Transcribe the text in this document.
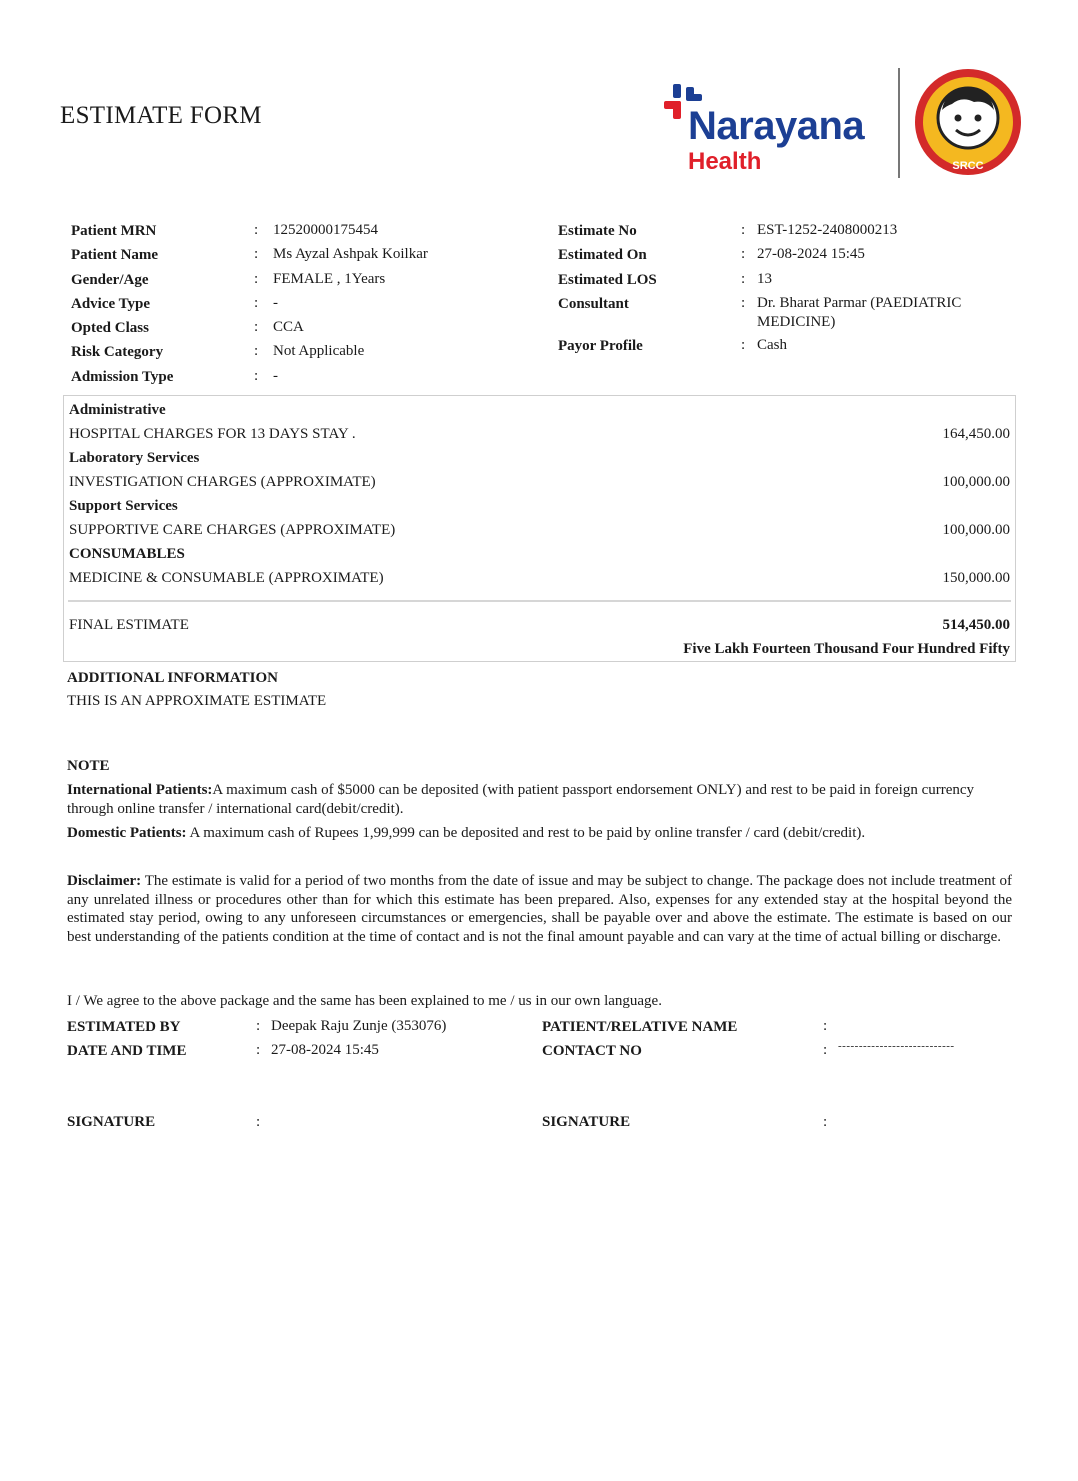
ESTIMATE FORM	Narayana
Health	SRCC
Patient MRN	: 12520000175454
Patient Name	: Ms Ayzal Ashpak Koilkar
Gender/Age	: FEMALE , 1Years
Advice Type	: -
Opted Class	: CCA
Risk Category	: Not Applicable
Admission Type	: -
Estimate No	: EST-1252-2408000213
Estimated On	: 27-08-2024 15:45
Estimated LOS	: 13
Consultant	: Dr. Bharat Parmar (PAEDIATRIC
MEDICINE)
Payor Profile	: Cash
Administrative
HOSPITAL CHARGES FOR 13 DAYS STAY .	164,450.00
Laboratory Services
INVESTIGATION CHARGES (APPROXIMATE)	100,000.00
Support Services
SUPPORTIVE CARE CHARGES (APPROXIMATE)	100,000.00
CONSUMABLES
MEDICINE & CONSUMABLE (APPROXIMATE)	150,000.00
FINAL ESTIMATE	514,450.00
Five Lakh Fourteen Thousand Four Hundred Fifty
ADDITIONAL INFORMATION
THIS IS AN APPROXIMATE ESTIMATE
NOTE
International Patients:A maximum cash of $5000 can be deposited (with patient passport endorsement ONLY) and rest to be paid in foreign currency through online transfer / international card(debit/credit).
Domestic Patients: A maximum cash of Rupees 1,99,999 can be deposited and rest to be paid by online transfer / card (debit/credit).
Disclaimer: The estimate is valid for a period of two months from the date of issue and may be subject to change. The package does not include treatment of any unrelated illness or procedures other than for which this estimate has been prepared. Also, expenses for any extended stay at the hospital beyond the estimated stay period, owing to any unforeseen circumstances or emergencies, shall be payable over and above the estimate. The estimate is based on our best understanding of the patients condition at the time of contact and is not the final amount payable and can vary at the time of actual billing or discharge.
I / We agree to the above package and the same has been explained to me / us in our own language.
ESTIMATED BY	: Deepak Raju Zunje (353076)
DATE AND TIME	: 27-08-2024 15:45
SIGNATURE	:
PATIENT/RELATIVE NAME	:
CONTACT NO	: ----------------------------
SIGNATURE	:
